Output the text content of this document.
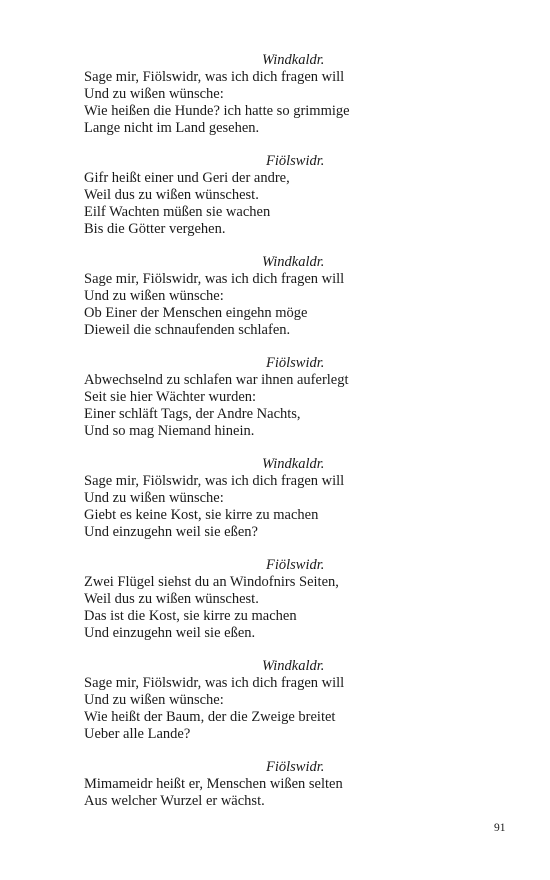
Windkaldr.
Sage mir, Fiölswidr, was ich dich fragen will
Und zu wißen wünsche:
Wie heißen die Hunde? ich hatte so grimmige
Lange nicht im Land gesehen.
Fiölswidr.
Gifr heißt einer und Geri der andre,
Weil dus zu wißen wünschest.
Eilf Wachten müßen sie wachen
Bis die Götter vergehen.
Windkaldr.
Sage mir, Fiölswidr, was ich dich fragen will
Und zu wißen wünsche:
Ob Einer der Menschen eingehn möge
Dieweil die schnaufenden schlafen.
Fiölswidr.
Abwechselnd zu schlafen war ihnen auferlegt
Seit sie hier Wächter wurden:
Einer schläft Tags, der Andre Nachts,
Und so mag Niemand hinein.
Windkaldr.
Sage mir, Fiölswidr, was ich dich fragen will
Und zu wißen wünsche:
Giebt es keine Kost, sie kirre zu machen
Und einzugehn weil sie eßen?
Fiölswidr.
Zwei Flügel siehst du an Windofnirs Seiten,
Weil dus zu wißen wünschest.
Das ist die Kost, sie kirre zu machen
Und einzugehn weil sie eßen.
Windkaldr.
Sage mir, Fiölswidr, was ich dich fragen will
Und zu wißen wünsche:
Wie heißt der Baum, der die Zweige breitet
Ueber alle Lande?
Fiölswidr.
Mimameidr heißt er, Menschen wißen selten
Aus welcher Wurzel er wächst.
91
